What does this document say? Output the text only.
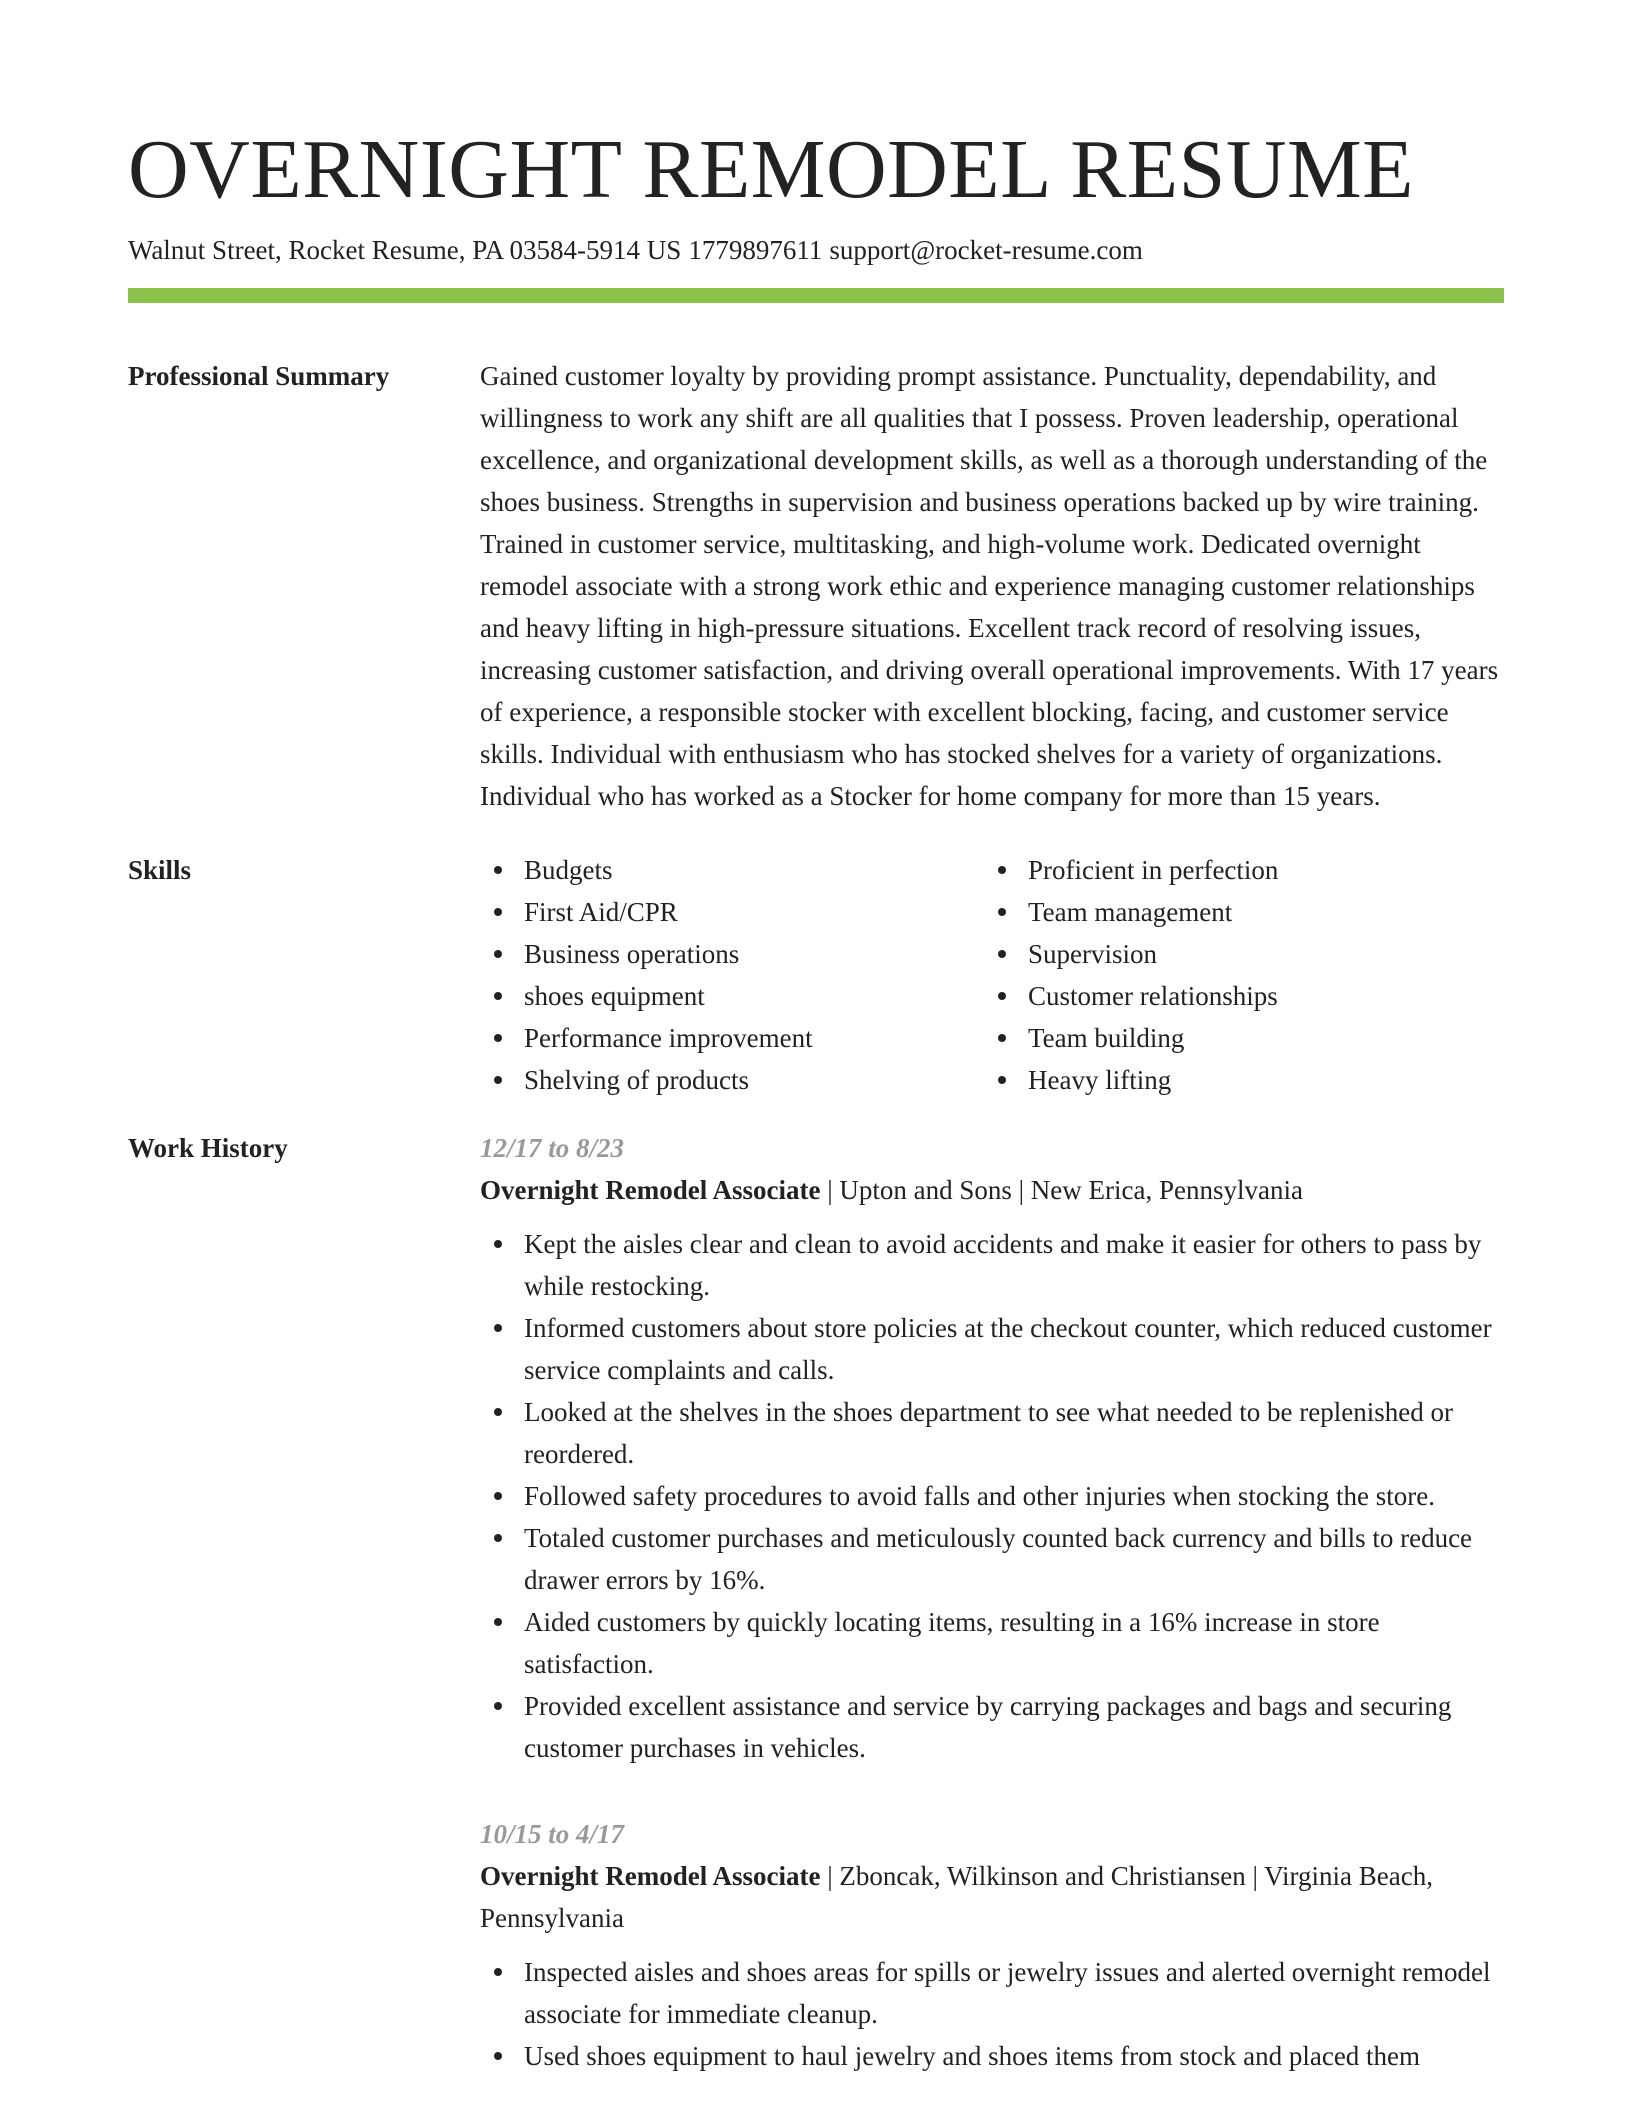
OVERNIGHT REMODEL RESUME
Walnut Street, Rocket Resume, PA 03584-5914 US 1779897611 support@rocket-resume.com
Professional Summary	Gained customer loyalty by providing prompt assistance. Punctuality, dependability, and willingness to work any shift are all qualities that I possess. Proven leadership, operational excellence, and organizational development skills, as well as a thorough understanding of the shoes business. Strengths in supervision and business operations backed up by wire training. Trained in customer service, multitasking, and high-volume work. Dedicated overnight remodel associate with a strong work ethic and experience managing customer relationships and heavy lifting in high-pressure situations. Excellent track record of resolving issues, increasing customer satisfaction, and driving overall operational improvements. With 17 years of experience, a responsible stocker with excellent blocking, facing, and customer service skills. Individual with enthusiasm who has stocked shelves for a variety of organizations. Individual who has worked as a Stocker for home company for more than 15 years.

Skills	Budgets
First Aid/CPR
Business operations
shoes equipment
Performance improvement
Shelving of products
Proficient in perfection
Team management
Supervision
Customer relationships
Team building
Heavy lifting
Work History	12/17 to 8/23
Overnight Remodel Associate | Upton and Sons | New Erica, Pennsylvania
Kept the aisles clear and clean to avoid accidents and make it easier for others to pass by while restocking.
Informed customers about store policies at the checkout counter, which reduced customer service complaints and calls.
Looked at the shelves in the shoes department to see what needed to be replenished or reordered.
Followed safety procedures to avoid falls and other injuries when stocking the store.
Totaled customer purchases and meticulously counted back currency and bills to reduce drawer errors by 16%.
Aided customers by quickly locating items, resulting in a 16% increase in store satisfaction.
Provided excellent assistance and service by carrying packages and bags and securing customer purchases in vehicles.
10/15 to 4/17
Overnight Remodel Associate | Zboncak, Wilkinson and Christiansen | Virginia Beach, Pennsylvania
Inspected aisles and shoes areas for spills or jewelry issues and alerted overnight remodel associate for immediate cleanup.
Used shoes equipment to haul jewelry and shoes items from stock and placed them
